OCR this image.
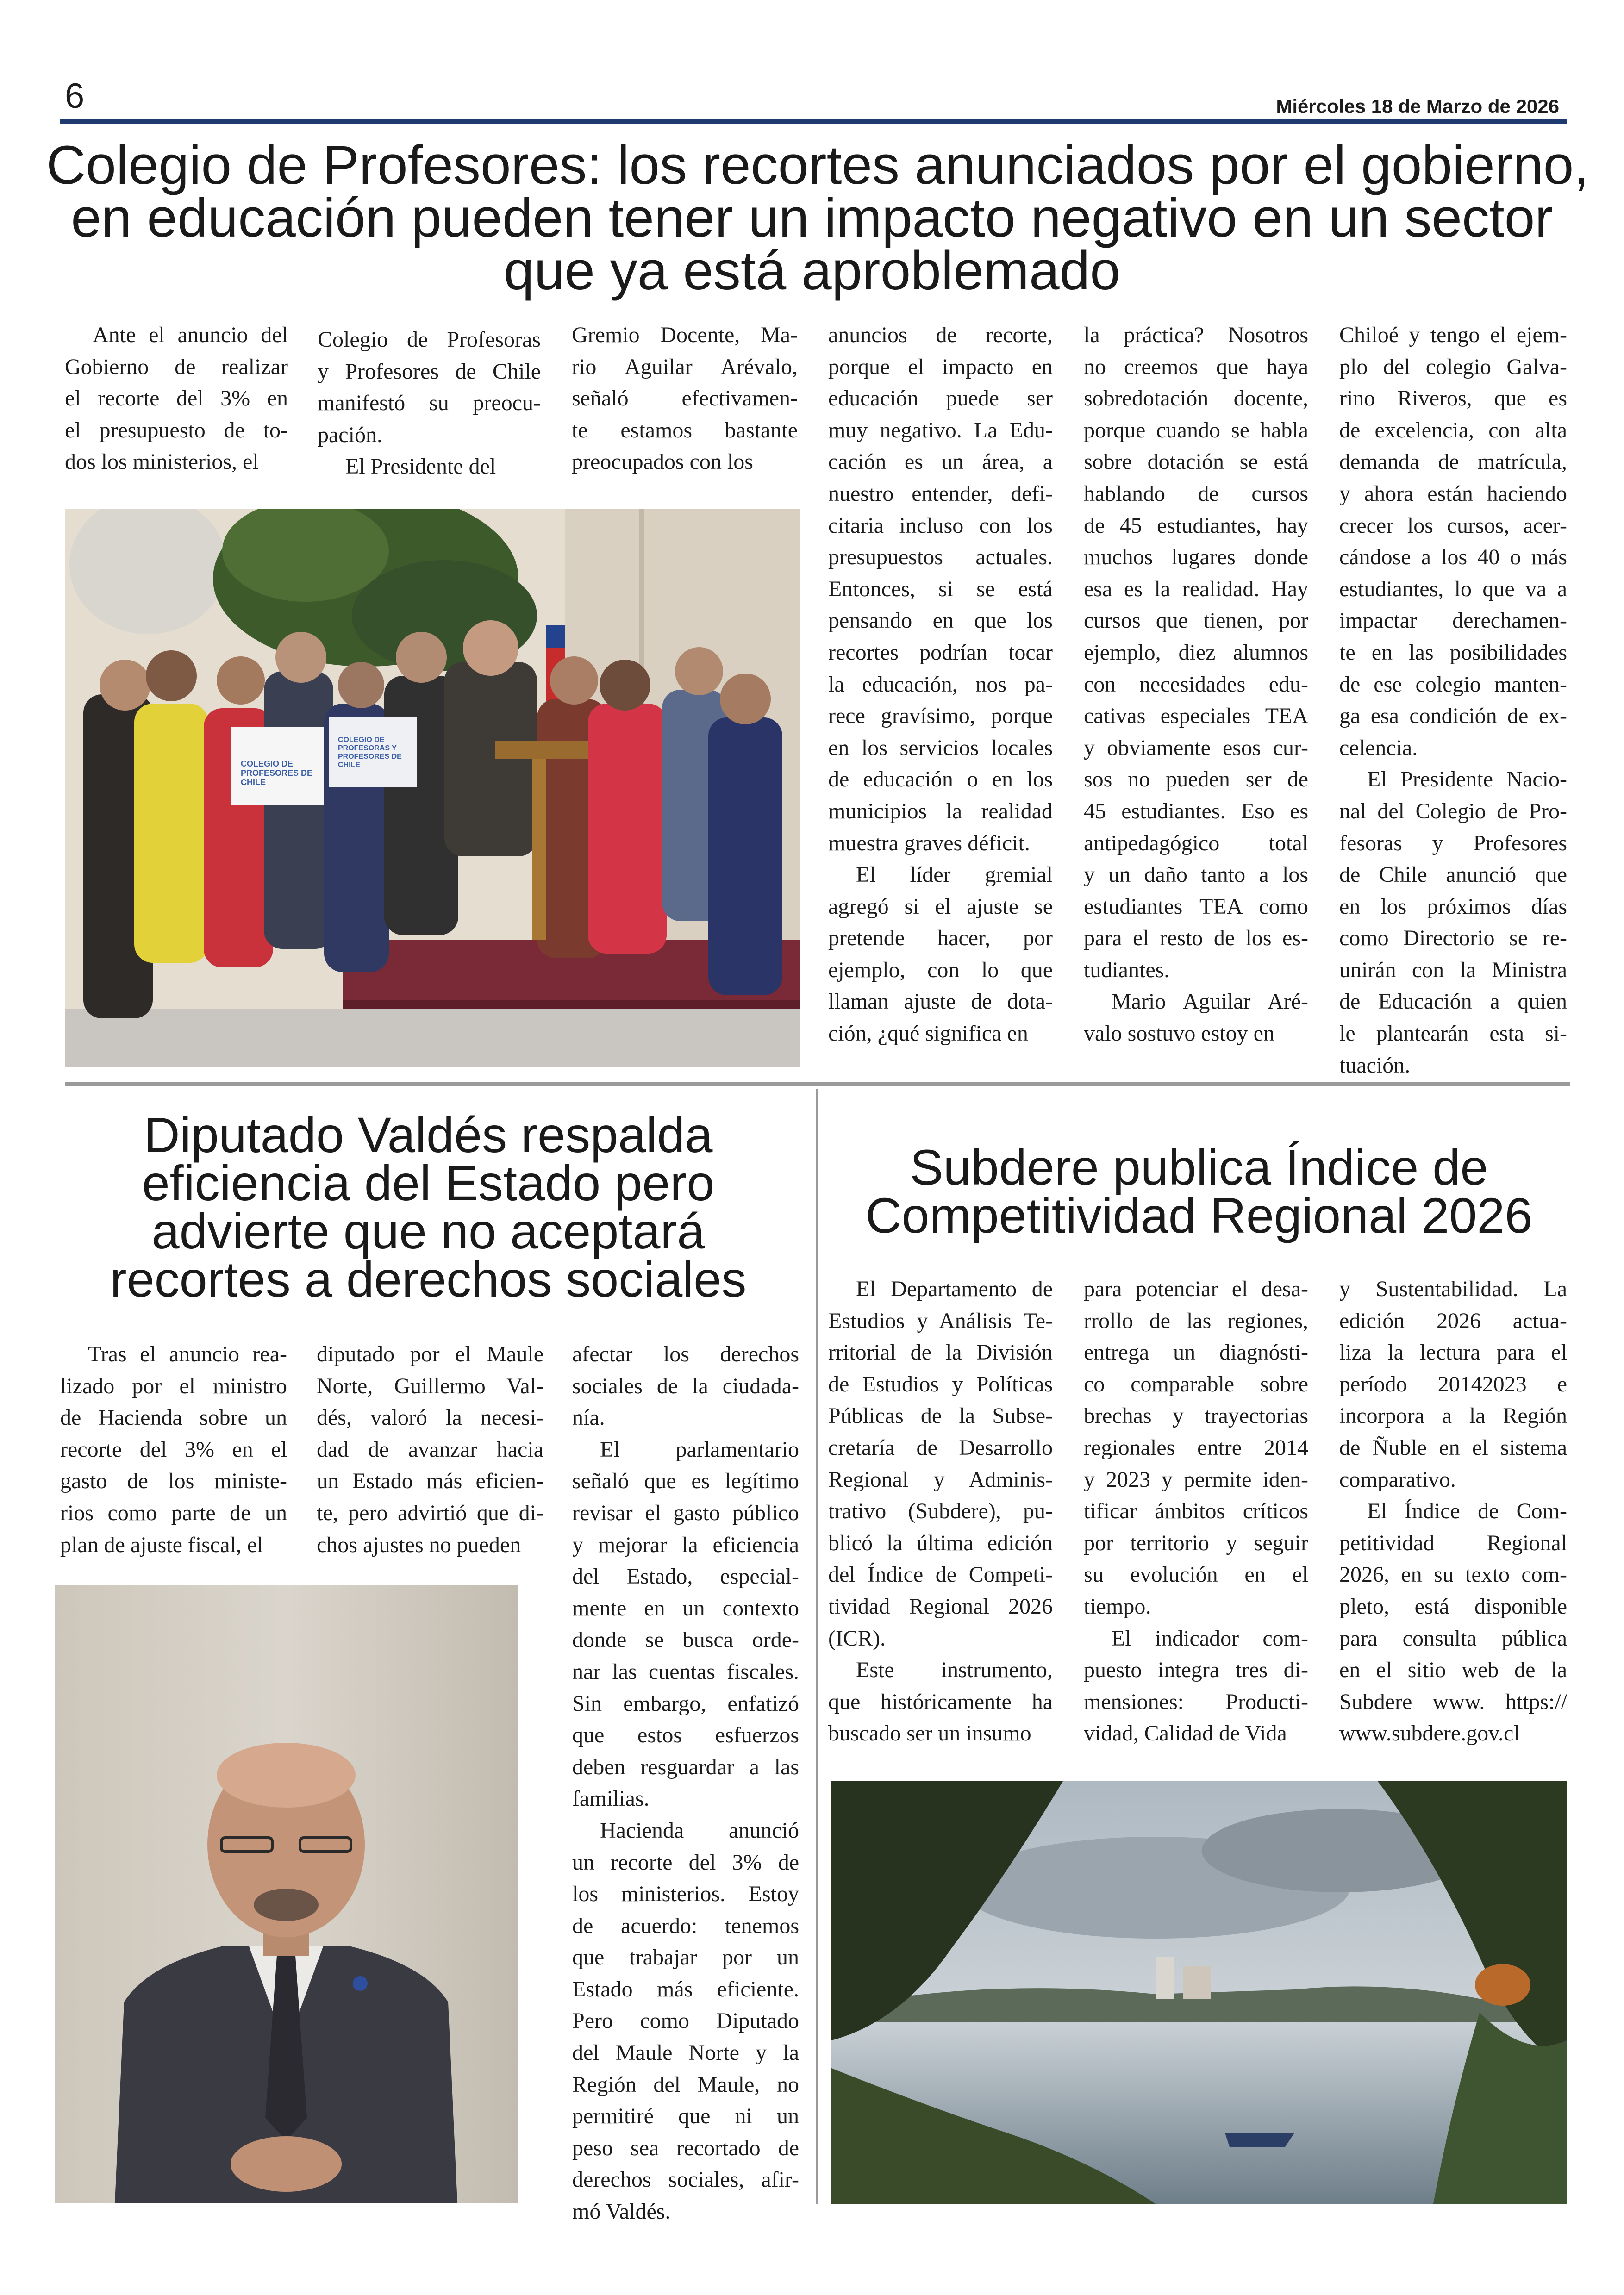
6	Miércoles 18 de Marzo de 2026
Colegio de Profesores: los recortes anunciados por el gobierno,
en educación pueden tener un impacto negativo en un sector
que ya está aproblemado
Ante el anuncio del
Gobierno de realizar
el recorte del 3% en
el presupuesto de to-
dos los ministerios, el
Colegio de Profesoras
y Profesores de Chile
manifestó su preocu-
pación.
El Presidente del
Gremio Docente, Ma-
rio Aguilar Arévalo,
señaló efectivamen-
te estamos bastante
preocupados con los
anuncios de recorte,
porque el impacto en
educación puede ser
muy negativo. La Edu-
cación es un área, a
nuestro entender, defi-
citaria incluso con los
presupuestos actuales.
Entonces, si se está
pensando en que los
recortes podrían tocar
la educación, nos pa-
rece gravísimo, porque
en los servicios locales
de educación o en los
municipios la realidad
muestra graves déficit.
El líder gremial
agregó si el ajuste se
pretende hacer, por
ejemplo, con lo que
llaman ajuste de dota-
ción, ¿qué significa en
la práctica? Nosotros
no creemos que haya
sobredotación docente,
porque cuando se habla
sobre dotación se está
hablando de cursos
de 45 estudiantes, hay
muchos lugares donde
esa es la realidad. Hay
cursos que tienen, por
ejemplo, diez alumnos
con necesidades edu-
cativas especiales TEA
y obviamente esos cur-
sos no pueden ser de
45 estudiantes. Eso es
antipedagógico total
y un daño tanto a los
estudiantes TEA como
para el resto de los es-
tudiantes.
Mario Aguilar Aré-
valo sostuvo estoy en
Chiloé y tengo el ejem-
plo del colegio Galva-
rino Riveros, que es
de excelencia, con alta
demanda de matrícula,
y ahora están haciendo
crecer los cursos, acer-
cándose a los 40 o más
estudiantes, lo que va a
impactar derechamen-
te en las posibilidades
de ese colegio manten-
ga esa condición de ex-
celencia.
El Presidente Nacio-
nal del Colegio de Pro-
fesoras y Profesores
de Chile anunció que
en los próximos días
como Directorio se re-
unirán con la Ministra
de Educación a quien
le plantearán esta si-
tuación.
COLEGIO DE PROFESORES DE CHILE
COLEGIO DE PROFESORAS Y PROFESORES DE CHILE
Diputado Valdés respalda
eficiencia del Estado pero
advierte que no aceptará
recortes a derechos sociales
Tras el anuncio rea-
lizado por el ministro
de Hacienda sobre un
recorte del 3% en el
gasto de los ministe-
rios como parte de un
plan de ajuste fiscal, el
diputado por el Maule
Norte, Guillermo Val-
dés, valoró la necesi-
dad de avanzar hacia
un Estado más eficien-
te, pero advirtió que di-
chos ajustes no pueden
afectar los derechos
sociales de la ciudada-
nía.
El parlamentario
señaló que es legítimo
revisar el gasto público
y mejorar la eficiencia
del Estado, especial-
mente en un contexto
donde se busca orde-
nar las cuentas fiscales.
Sin embargo, enfatizó
que estos esfuerzos
deben resguardar a las
familias.
Hacienda anunció
un recorte del 3% de
los ministerios. Estoy
de acuerdo: tenemos
que trabajar por un
Estado más eficiente.
Pero como Diputado
del Maule Norte y la
Región del Maule, no
permitiré que ni un
peso sea recortado de
derechos sociales, afir-
mó Valdés.
Subdere publica Índice de
Competitividad Regional 2026
El Departamento de
Estudios y Análisis Te-
rritorial de la División
de Estudios y Políticas
Públicas de la Subse-
cretaría de Desarrollo
Regional y Adminis-
trativo (Subdere), pu-
blicó la última edición
del Índice de Competi-
tividad Regional 2026
(ICR).
Este instrumento,
que históricamente ha
buscado ser un insumo
para potenciar el desa-
rrollo de las regiones,
entrega un diagnósti-
co comparable sobre
brechas y trayectorias
regionales entre 2014
y 2023 y permite iden-
tificar ámbitos críticos
por territorio y seguir
su evolución en el
tiempo.
El indicador com-
puesto integra tres di-
mensiones: Producti-
vidad, Calidad de Vida
y Sustentabilidad. La
edición 2026 actua-
liza la lectura para el
período 20142023 e
incorpora a la Región
de Ñuble en el sistema
comparativo.
El Índice de Com-
petitividad Regional
2026, en su texto com-
pleto, está disponible
para consulta pública
en el sitio web de la
Subdere www. https://
www.subdere.gov.cl
